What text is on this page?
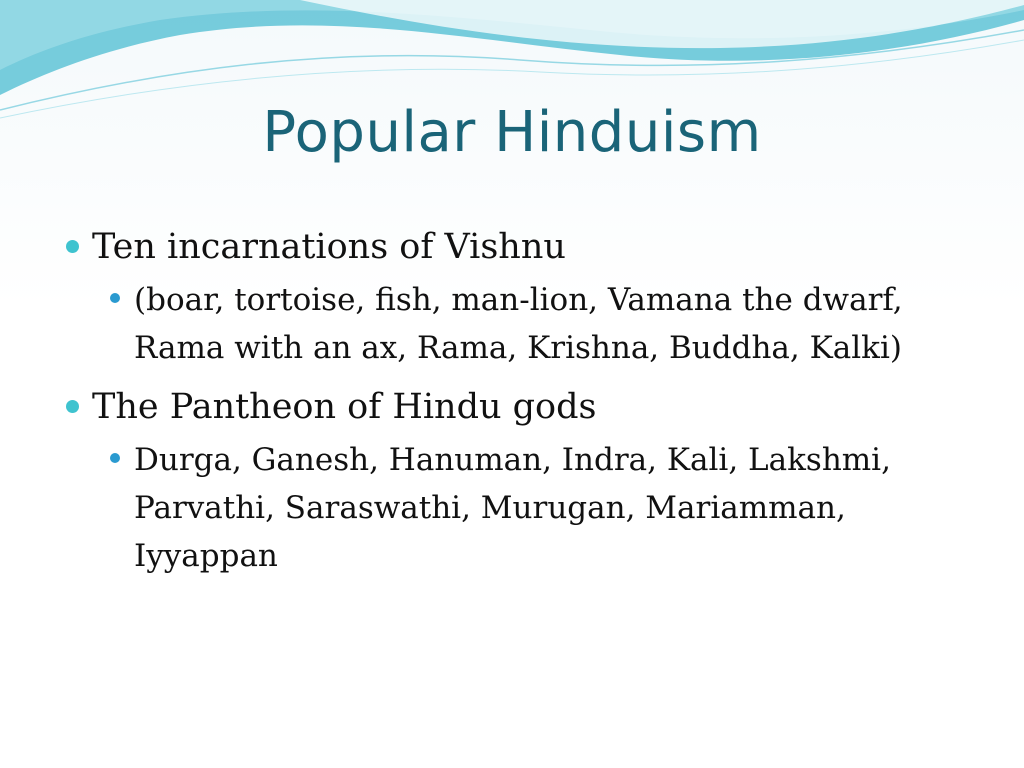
Popular Hinduism
Ten incarnations of Vishnu
(boar, tortoise, fish, man-lion, Vamana the dwarf, Rama with an ax, Rama, Krishna, Buddha, Kalki)
The Pantheon of Hindu gods
Durga, Ganesh, Hanuman, Indra, Kali, Lakshmi, Parvathi, Saraswathi, Murugan, Mariamman, Iyyappan
